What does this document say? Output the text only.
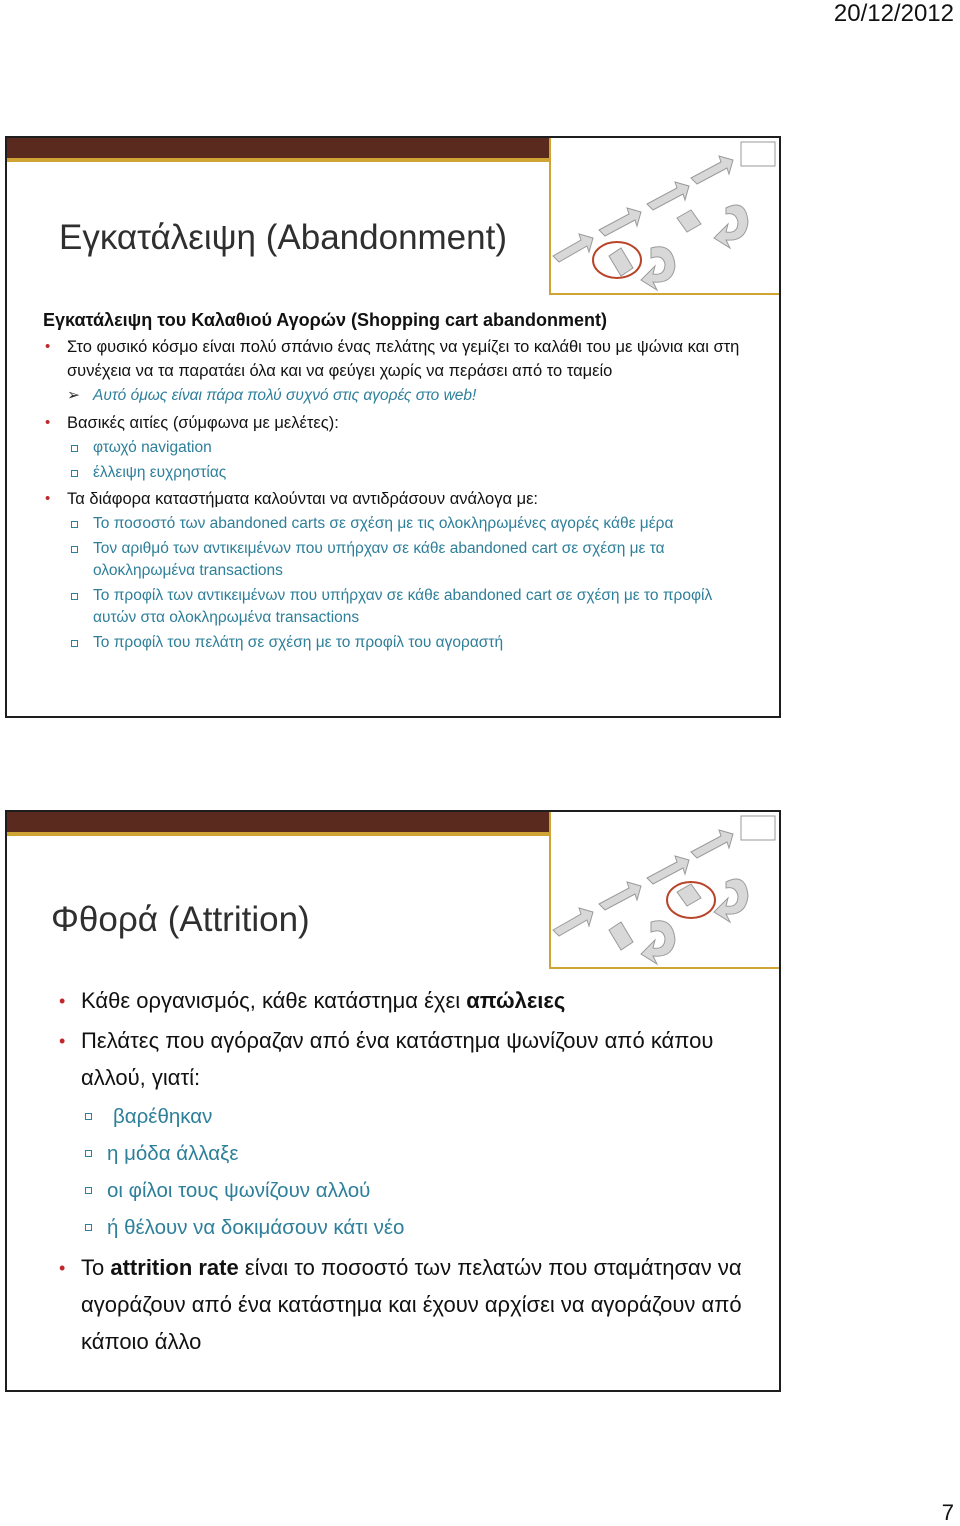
20/12/2012
Εγκατάλειψη (Abandonment)

Εγκατάλειψη του Καλαθιού Αγορών (Shopping cart abandonment)

• Στο φυσικό κόσμο είναι πολύ σπάνιο ένας πελάτης να γεμίζει το καλάθι του με ψώνια και στη συνέχεια να τα παρατάει όλα και να φεύγει χωρίς να περάσει από το ταμείο
➢ Αυτό όμως είναι πάρα πολύ συχνό στις αγορές στο web!
• Βασικές αιτίες (σύμφωνα με μελέτες):
φτωχό navigation
έλλειψη ευχρηστίας
• Τα διάφορα καταστήματα καλούνται να αντιδράσουν ανάλογα με:
Το ποσοστό των abandoned carts σε σχέση με τις ολοκληρωμένες αγορές κάθε μέρα
Τον αριθμό των αντικειμένων που υπήρχαν σε κάθε abandoned cart σε σχέση με τα ολοκληρωμένα transactions
Το προφίλ των αντικειμένων που υπήρχαν σε κάθε abandoned cart σε σχέση με το προφίλ αυτών στα ολοκληρωμένα transactions
Το προφίλ του πελάτη σε σχέση με το προφίλ του αγοραστή
Φθορά (Attrition)
• Κάθε οργανισμός, κάθε κατάστημα έχει απώλειες
• Πελάτες που αγόραζαν από ένα κατάστημα ψωνίζουν από κάπου αλλού, γιατί:
βαρέθηκαν
η μόδα άλλαξε
οι φίλοι τους ψωνίζουν αλλού
ή θέλουν να δοκιμάσουν κάτι νέο
• Το attrition rate είναι το ποσοστό των πελατών που σταμάτησαν να αγοράζουν από ένα κατάστημα και έχουν αρχίσει να αγοράζουν από κάποιο άλλο
7
